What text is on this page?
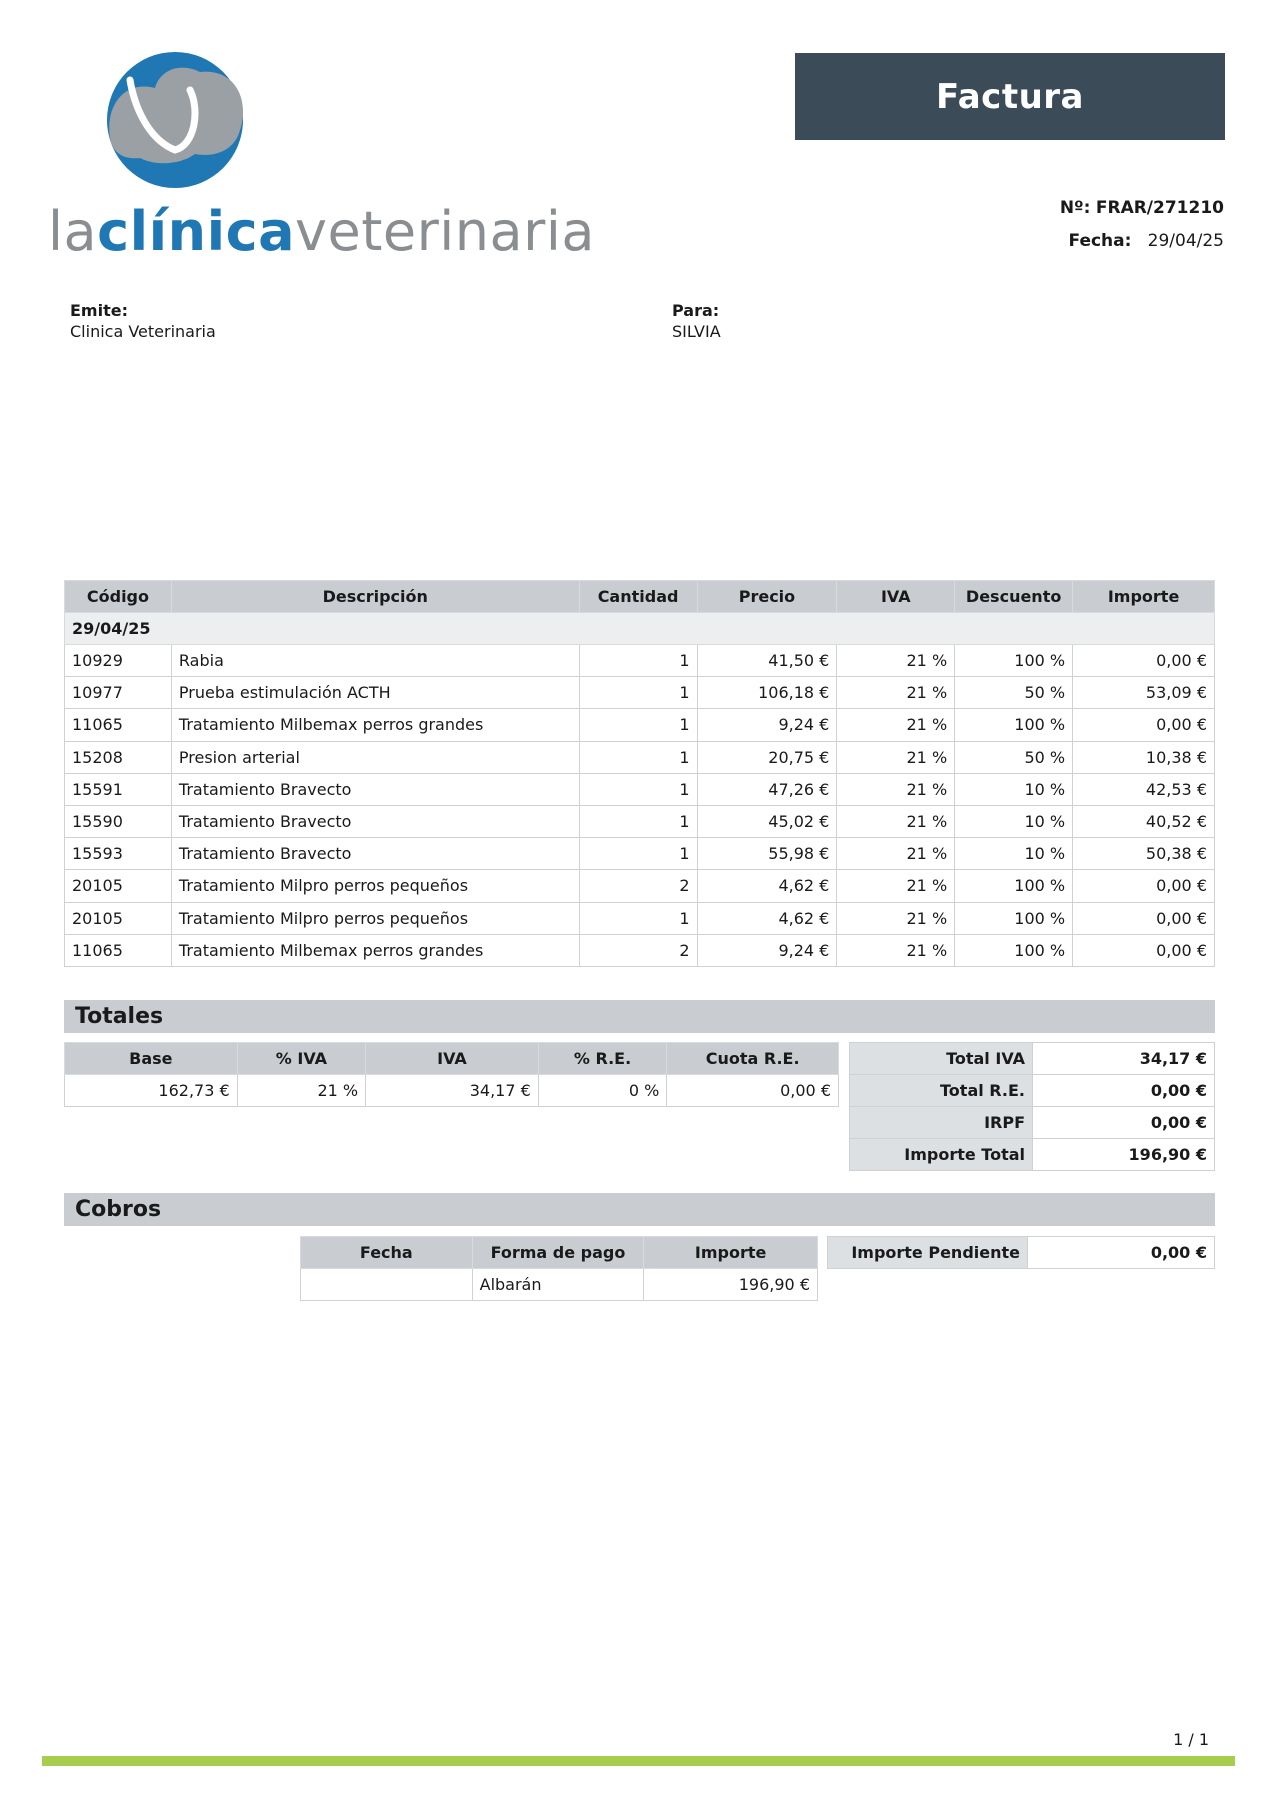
laclínicaveterinaria
Factura
Nº: FRAR/271210
Fecha: 29/04/25
Emite:
Clinica Veterinaria
Para:
SILVIA
Código	Descripción	Cantidad	Precio	IVA	Descuento	Importe
29/04/25						
10929	Rabia	1	41,50 €	21 %	100 %	0,00 €
10977	Prueba estimulación ACTH	1	106,18 €	21 %	50 %	53,09 €
11065	Tratamiento Milbemax perros grandes	1	9,24 €	21 %	100 %	0,00 €
15208	Presion arterial	1	20,75 €	21 %	50 %	10,38 €
15591	Tratamiento Bravecto	1	47,26 €	21 %	10 %	42,53 €
15590	Tratamiento Bravecto	1	45,02 €	21 %	10 %	40,52 €
15593	Tratamiento Bravecto	1	55,98 €	21 %	10 %	50,38 €
20105	Tratamiento Milpro perros pequeños	2	4,62 €	21 %	100 %	0,00 €
20105	Tratamiento Milpro perros pequeños	1	4,62 €	21 %	100 %	0,00 €
11065	Tratamiento Milbemax perros grandes	2	9,24 €	21 %	100 %	0,00 €
Totales
Base	% IVA	IVA	% R.E.	Cuota R.E.
162,73 €	21 %	34,17 €	0 %	0,00 €
Total IVA	34,17 €
Total R.E.	0,00 €
IRPF	0,00 €
Importe Total	196,90 €
Cobros
Fecha	Forma de pago	Importe
	Albarán	196,90 €
Importe Pendiente	0,00 €
1 / 1
